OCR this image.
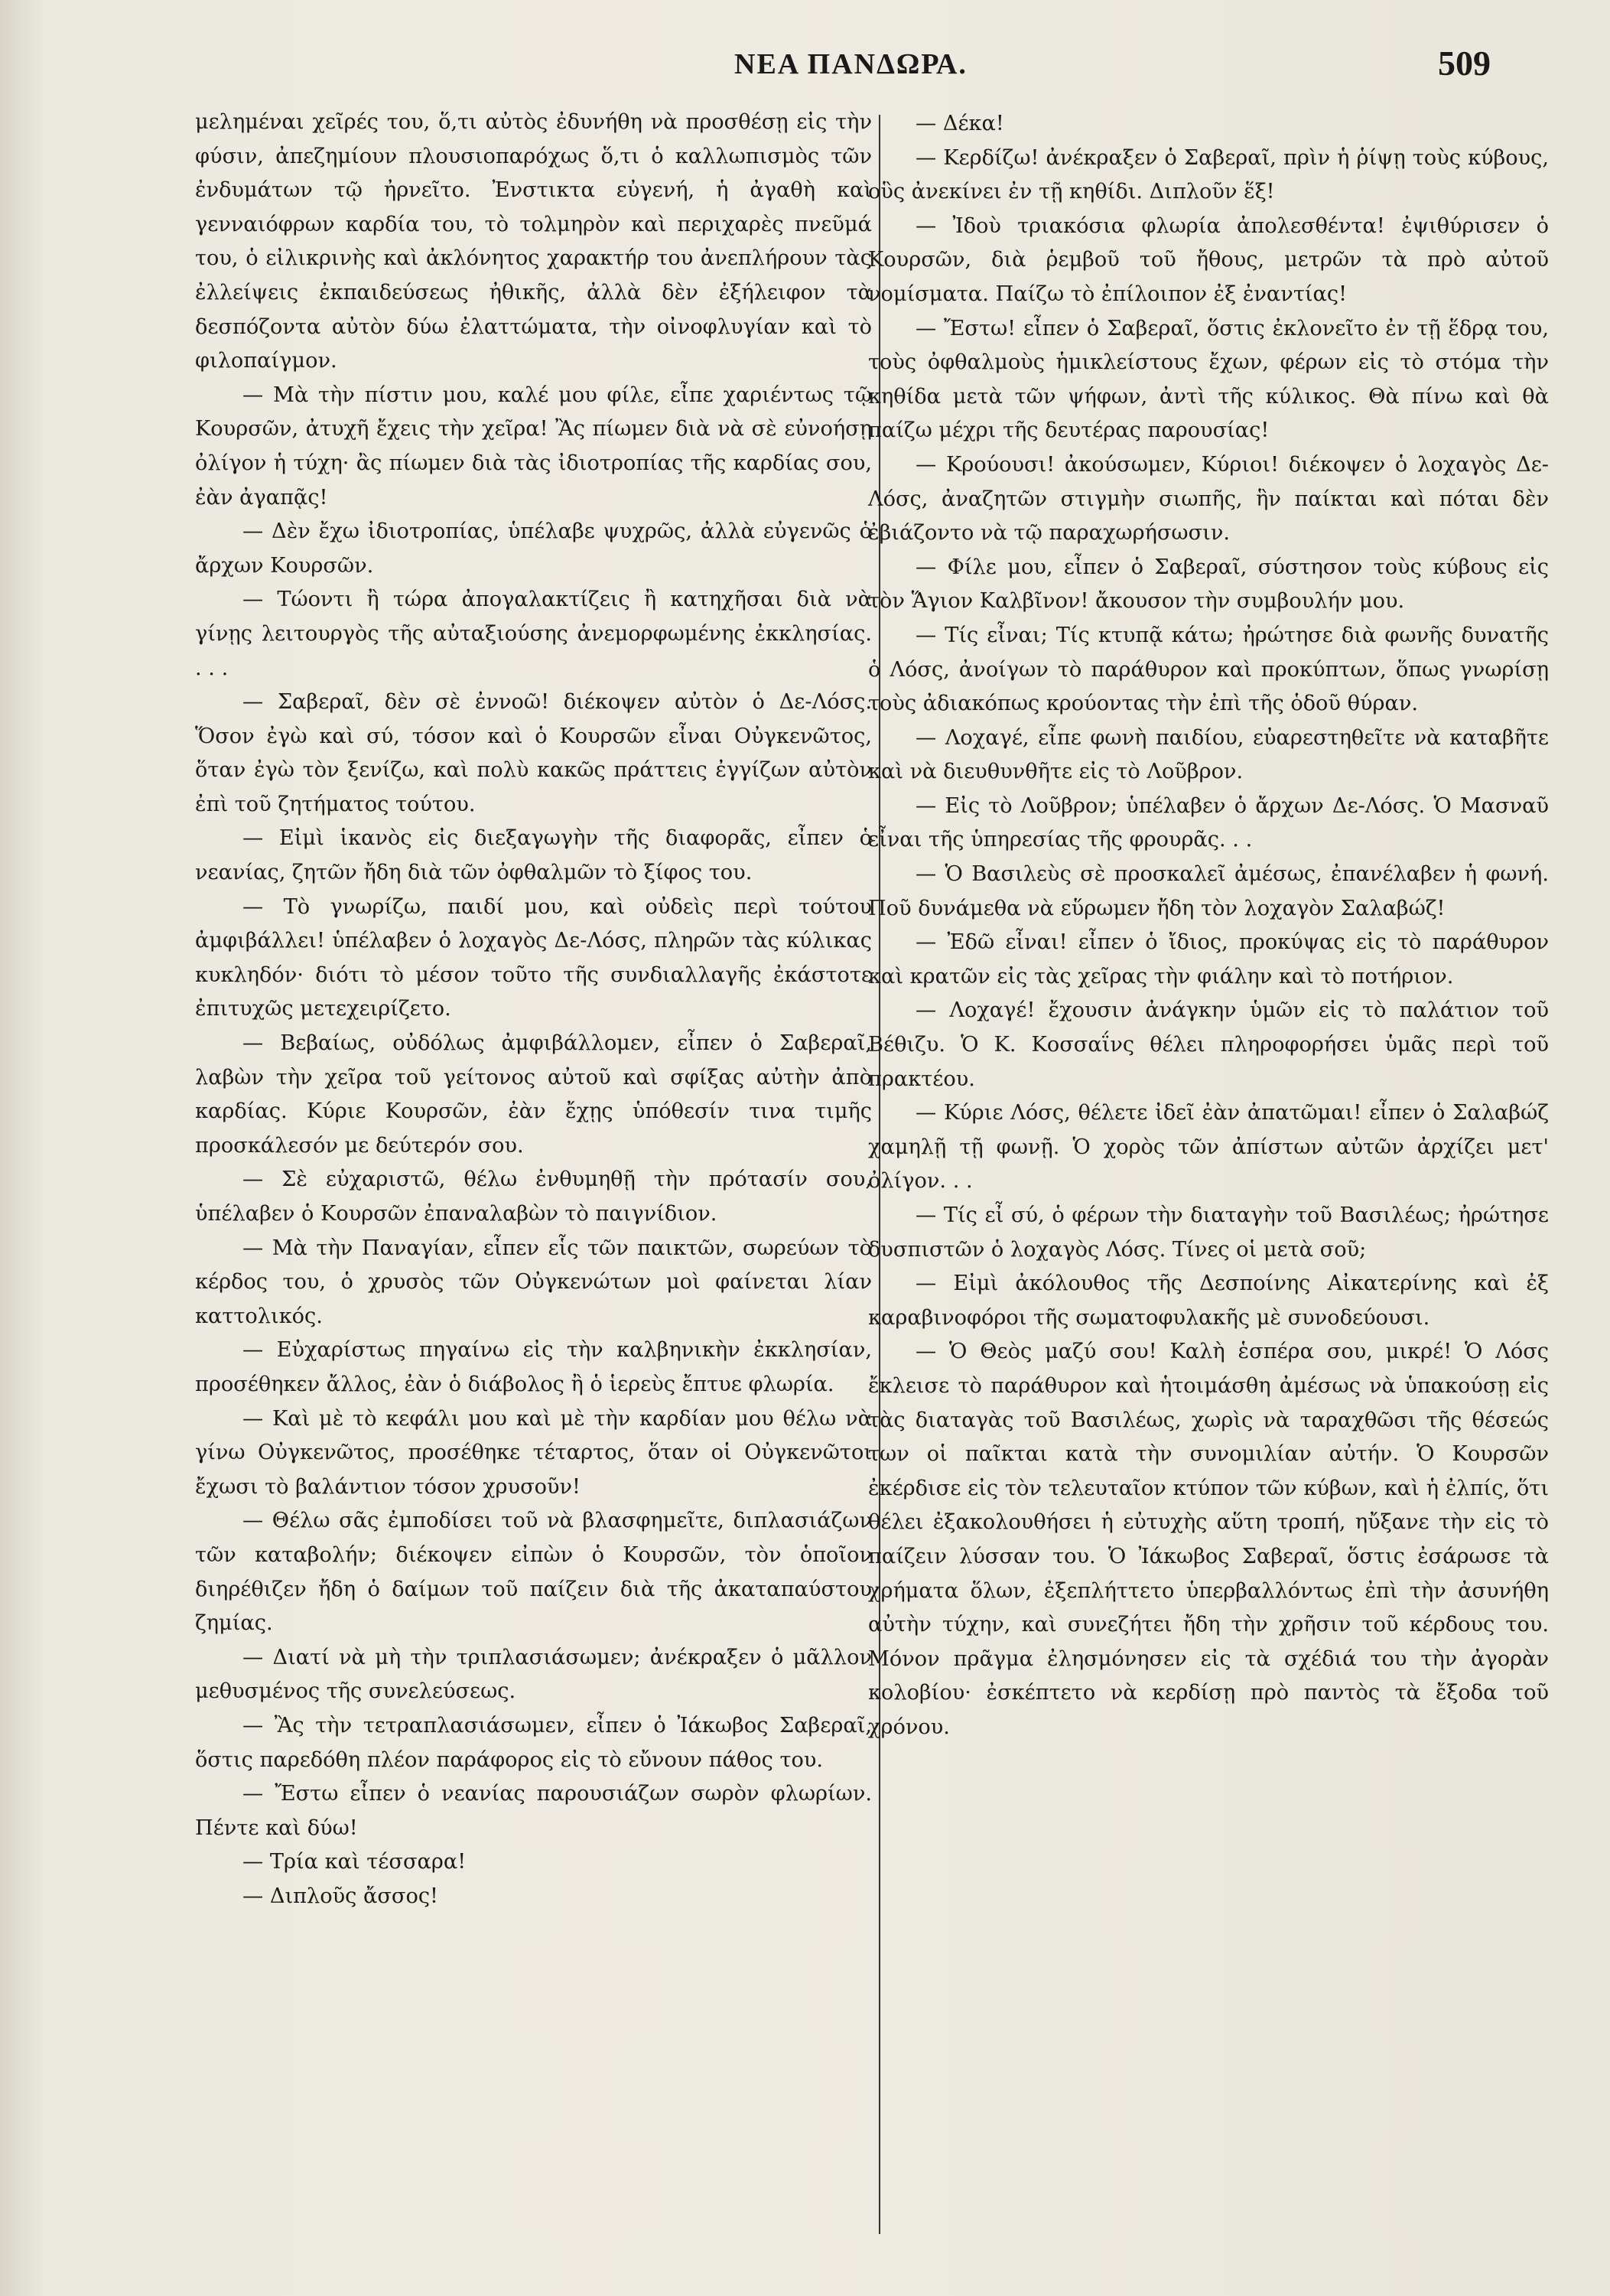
ΝΕΑ ΠΑΝΔΩΡΑ.	509

μελημέναι χεῖρές του, ὅ,τι αὐτὸς ἐδυνήθη νὰ προσθέσῃ εἰς τὴν φύσιν, ἀπεζημίουν πλουσιοπαρόχως ὅ,τι ὁ καλλωπισμὸς τῶν ἐνδυμάτων τῷ ἠρνεῖτο. Ἐνστικτα εὐγενή, ἡ ἀγαθὴ καὶ γενναιόφρων καρδία του, τὸ τολμηρὸν καὶ περιχαρὲς πνεῦμά του, ὁ εἰλικρινὴς καὶ ἀκλόνητος χαρακτήρ του ἀνεπλήρουν τὰς ἐλλείψεις ἐκπαιδεύσεως ἠθικῆς, ἀλλὰ δὲν ἐξήλειφον τὰ δεσπόζοντα αὐτὸν δύω ἐλαττώματα, τὴν οἰνοφλυγίαν καὶ τὸ φιλοπαίγμον.

— Μὰ τὴν πίστιν μου, καλέ μου φίλε, εἶπε χαριέντως τῷ Κουρσῶν, ἀτυχῆ ἔχεις τὴν χεῖρα! Ἂς πίωμεν διὰ νὰ σὲ εὐνοήσῃ ὀλίγον ἡ τύχη· ἂς πίωμεν διὰ τὰς ἰδιοτροπίας τῆς καρδίας σου, ἐὰν ἀγαπᾷς!

— Δὲν ἔχω ἰδιοτροπίας, ὑπέλαβε ψυχρῶς, ἀλλὰ εὐγενῶς ὁ ἄρχων Κουρσῶν.

— Τώοντι ἢ τώρα ἀπογαλακτίζεις ἢ κατηχῆσαι διὰ νὰ γίνῃς λειτουργὸς τῆς αὐταξιούσης ἀνεμορφωμένης ἐκκλησίας. . . .

— Σαβεραῖ, δὲν σὲ ἐννοῶ! διέκοψεν αὐτὸν ὁ Δε-Λόσς. Ὅσον ἐγὼ καὶ σύ, τόσον καὶ ὁ Κουρσῶν εἶναι Οὐγκενῶτος, ὅταν ἐγὼ τὸν ξενίζω, καὶ πολὺ κακῶς πράττεις ἐγγίζων αὐτὸν ἐπὶ τοῦ ζητήματος τούτου.

— Εἰμὶ ἱκανὸς εἰς διεξαγωγὴν τῆς διαφορᾶς, εἶπεν ὁ νεανίας, ζητῶν ἤδη διὰ τῶν ὀφθαλμῶν τὸ ξίφος του.

— Τὸ γνωρίζω, παιδί μου, καὶ οὐδεὶς περὶ τούτου ἀμφιβάλλει! ὑπέλαβεν ὁ λοχαγὸς Δε-Λόσς, πληρῶν τὰς κύλικας κυκληδόν· διότι τὸ μέσον τοῦτο τῆς συνδιαλλαγῆς ἐκάστοτε ἐπιτυχῶς μετεχειρίζετο.

— Βεβαίως, οὐδόλως ἀμφιβάλλομεν, εἶπεν ὁ Σαβεραῖ, λαβὼν τὴν χεῖρα τοῦ γείτονος αὐτοῦ καὶ σφίξας αὐτὴν ἀπὸ καρδίας. Κύριε Κουρσῶν, ἐὰν ἔχῃς ὑπόθεσίν τινα τιμῆς προσκάλεσόν με δεύτερόν σου.

— Σὲ εὐχαριστῶ, θέλω ἐνθυμηθῇ τὴν πρότασίν σου, ὑπέλαβεν ὁ Κουρσῶν ἐπαναλαβὼν τὸ παιγνίδιον.

— Μὰ τὴν Παναγίαν, εἶπεν εἷς τῶν παικτῶν, σωρεύων τὸ κέρδος του, ὁ χρυσὸς τῶν Οὐγκενώτων μοὶ φαίνεται λίαν καττολικός.

— Εὐχαρίστως πηγαίνω εἰς τὴν καλβηνικὴν ἐκκλησίαν, προσέθηκεν ἄλλος, ἐὰν ὁ διάβολος ἢ ὁ ἱερεὺς ἔπτυε φλωρία.

— Καὶ μὲ τὸ κεφάλι μου καὶ μὲ τὴν καρδίαν μου θέλω νὰ γίνω Οὐγκενῶτος, προσέθηκε τέταρτος, ὅταν οἱ Οὐγκενῶτοι ἔχωσι τὸ βαλάντιον τόσον χρυσοῦν!

— Θέλω σᾶς ἐμποδίσει τοῦ νὰ βλασφημεῖτε, διπλασιάζων τῶν καταβολήν; διέκοψεν εἰπὼν ὁ Κουρσῶν, τὸν ὁποῖον διηρέθιζεν ἤδη ὁ δαίμων τοῦ παίζειν διὰ τῆς ἀκαταπαύστου ζημίας.

— Διατί νὰ μὴ τὴν τριπλασιάσωμεν; ἀνέκραξεν ὁ μᾶλλον μεθυσμένος τῆς συνελεύσεως.

— Ἂς τὴν τετραπλασιάσωμεν, εἶπεν ὁ Ἰάκωβος Σαβεραῖ, ὅστις παρεδόθη πλέον παράφορος εἰς τὸ εὔνουν πάθος του.

— Ἔστω εἶπεν ὁ νεανίας παρουσιάζων σωρὸν φλωρίων. Πέντε καὶ δύω!

— Τρία καὶ τέσσαρα!

— Διπλοῦς ἄσσος!

— Δέκα!

— Κερδίζω! ἀνέκραξεν ὁ Σαβεραῖ, πρὶν ἡ ῥίψῃ τοὺς κύβους, οὓς ἀνεκίνει ἐν τῇ κηθίδι. Διπλοῦν ἕξ!

— Ἰδοὺ τριακόσια φλωρία ἀπολεσθέντα! ἐψιθύρισεν ὁ Κουρσῶν, διὰ ῥεμβοῦ τοῦ ἤθους, μετρῶν τὰ πρὸ αὐτοῦ νομίσματα. Παίζω τὸ ἐπίλοιπον ἐξ ἐναντίας!

— Ἔστω! εἶπεν ὁ Σαβεραῖ, ὅστις ἐκλονεῖτο ἐν τῇ ἕδρᾳ του, τοὺς ὀφθαλμοὺς ἡμικλείστους ἔχων, φέρων εἰς τὸ στόμα τὴν κηθίδα μετὰ τῶν ψήφων, ἀντὶ τῆς κύλικος. Θὰ πίνω καὶ θὰ παίζω μέχρι τῆς δευτέρας παρουσίας!

— Κρούουσι! ἀκούσωμεν, Κύριοι! διέκοψεν ὁ λοχαγὸς Δε-Λόσς, ἀναζητῶν στιγμὴν σιωπῆς, ἣν παίκται καὶ πόται δὲν ἐβιάζοντο νὰ τῷ παραχωρήσωσιν.

— Φίλε μου, εἶπεν ὁ Σαβεραῖ, σύστησον τοὺς κύβους εἰς τὸν Ἅγιον Καλβῖνον! ἄκουσον τὴν συμβουλήν μου.

— Τίς εἶναι; Τίς κτυπᾷ κάτω; ἠρώτησε διὰ φωνῆς δυνατῆς ὁ Λόσς, ἀνοίγων τὸ παράθυρον καὶ προκύπτων, ὅπως γνωρίσῃ τοὺς ἀδιακόπως κρούοντας τὴν ἐπὶ τῆς ὁδοῦ θύραν.

— Λοχαγέ, εἶπε φωνὴ παιδίου, εὐαρεστηθεῖτε νὰ καταβῆτε καὶ νὰ διευθυνθῆτε εἰς τὸ Λοῦβρον.

— Εἰς τὸ Λοῦβρον; ὑπέλαβεν ὁ ἄρχων Δε-Λόσς. Ὁ Μασναῦ εἶναι τῆς ὑπηρεσίας τῆς φρουρᾶς. . .

— Ὁ Βασιλεὺς σὲ προσκαλεῖ ἀμέσως, ἐπανέλαβεν ἡ φωνή. Ποῦ δυνάμεθα νὰ εὕρωμεν ἤδη τὸν λοχαγὸν Σαλαβώζ!

— Ἐδῶ εἶναι! εἶπεν ὁ ἴδιος, προκύψας εἰς τὸ παράθυρον καὶ κρατῶν εἰς τὰς χεῖρας τὴν φιάλην καὶ τὸ ποτήριον.

— Λοχαγέ! ἔχουσιν ἀνάγκην ὑμῶν εἰς τὸ παλάτιον τοῦ Βέθιζυ. Ὁ Κ. Κοσσαΐνς θέλει πληροφορήσει ὑμᾶς περὶ τοῦ πρακτέου.

— Κύριε Λόσς, θέλετε ἰδεῖ ἐὰν ἀπατῶμαι! εἶπεν ὁ Σαλαβώζ χαμηλῇ τῇ φωνῇ. Ὁ χορὸς τῶν ἀπίστων αὐτῶν ἀρχίζει μετ' ὀλίγον. . .

— Τίς εἶ σύ, ὁ φέρων τὴν διαταγὴν τοῦ Βασιλέως; ἠρώτησε δυσπιστῶν ὁ λοχαγὸς Λόσς. Τίνες οἱ μετὰ σοῦ;

— Εἰμὶ ἀκόλουθος τῆς Δεσποίνης Αἰκατερίνης καὶ ἐξ καραβινοφόροι τῆς σωματοφυλακῆς μὲ συνοδεύουσι.

— Ὁ Θεὸς μαζύ σου! Καλὴ ἑσπέρα σου, μικρέ! Ὁ Λόσς ἔκλεισε τὸ παράθυρον καὶ ἡτοιμάσθη ἀμέσως νὰ ὑπακούσῃ εἰς τὰς διαταγὰς τοῦ Βασιλέως, χωρὶς νὰ ταραχθῶσι τῆς θέσεώς των οἱ παῖκται κατὰ τὴν συνομιλίαν αὐτήν. Ὁ Κουρσῶν ἐκέρδισε εἰς τὸν τελευταῖον κτύπον τῶν κύβων, καὶ ἡ ἐλπίς, ὅτι θέλει ἐξακολουθήσει ἡ εὐτυχὴς αὕτη τροπή, ηὔξανε τὴν εἰς τὸ παίζειν λύσσαν του. Ὁ Ἰάκωβος Σαβεραῖ, ὅστις ἐσάρωσε τὰ χρήματα ὅλων, ἐξεπλήττετο ὑπερβαλλόντως ἐπὶ τὴν ἀσυνήθη αὐτὴν τύχην, καὶ συνεζήτει ἤδη τὴν χρῆσιν τοῦ κέρδους του. Μόνον πρᾶγμα ἐλησμόνησεν εἰς τὰ σχέδιά του τὴν ἀγορὰν κολοβίου· ἐσκέπτετο νὰ κερδίσῃ πρὸ παντὸς τὰ ἔξοδα τοῦ χρόνου.
